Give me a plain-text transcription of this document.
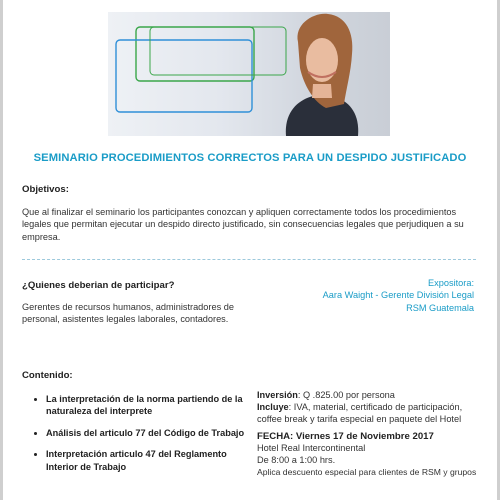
SEMINARIO PROCEDIMIENTOS CORRECTOS PARA UN DESPIDO JUSTIFICADO
Objetivos:
Que al finalizar el seminario los participantes conozcan y apliquen correctamente todos los procedimientos legales que permitan ejecutar un despido directo justificado, sin consecuencias legales que perjudiquen a su empresa.
¿Quienes deberian de participar?
Gerentes de recursos humanos, administradores de personal, asistentes legales laborales, contadores.
Expositora:
Aara Waight - Gerente División Legal
RSM Guatemala
Contenido:
• La interpretación de la norma partiendo de la naturaleza del interprete
• Análisis del articulo 77 del Código de Trabajo
• Interpretación articulo 47 del Reglamento Interior de Trabajo
Inversión: Q .825.00 por persona
Incluye: IVA, material, certificado de participación, coffee break y tarifa especial en paquete del Hotel
FECHA: Viernes 17 de Noviembre 2017
Hotel Real Intercontinental
De 8:00 a 1:00 hrs.
Aplica descuento especial para clientes de RSM y grupos
